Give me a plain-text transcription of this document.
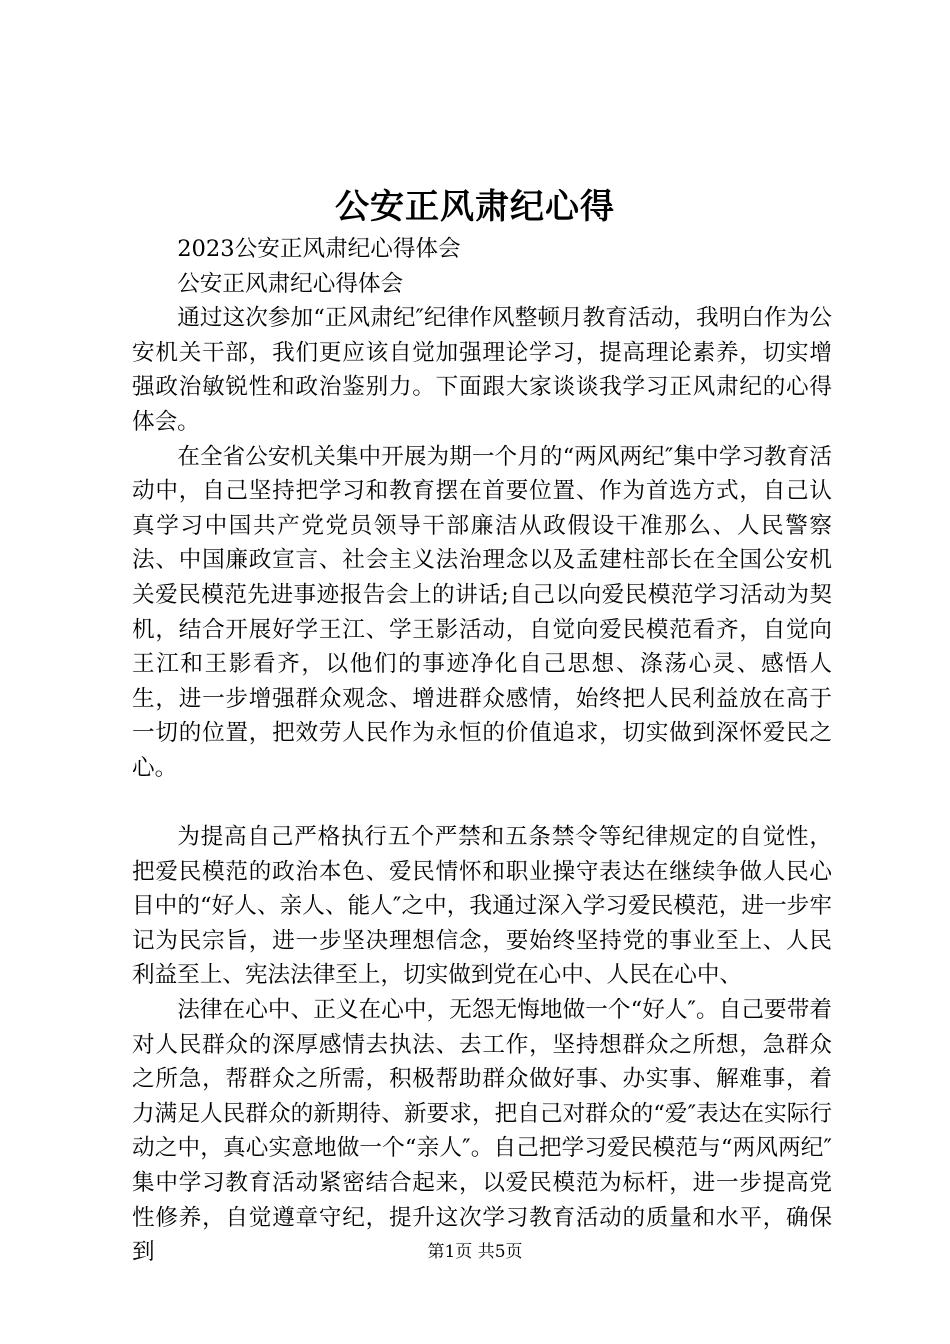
公安正风肃纪心得

2023公安正风肃纪心得体会

公安正风肃纪心得体会

通过这次参加“正风肃纪″纪律作风整顿月教育活动，我明白作为公安机关干部，我们更应该自觉加强理论学习，提高理论素养，切实增强政治敏锐性和政治鉴别力。下面跟大家谈谈我学习正风肃纪的心得体会。

在全省公安机关集中开展为期一个月的“两风两纪″集中学习教育活动中，自己坚持把学习和教育摆在首要位置、作为首选方式，自己认真学习中国共产党党员领导干部廉洁从政假设干准那么、人民警察法、中国廉政宣言、社会主义法治理念以及孟建柱部长在全国公安机关爱民模范先进事迹报告会上的讲话;自己以向爱民模范学习活动为契机，结合开展好学王江、学王影活动，自觉向爱民模范看齐，自觉向王江和王影看齐，以他们的事迹净化自己思想、涤荡心灵、感悟人生，进一步增强群众观念、增进群众感情，始终把人民利益放在高于一切的位置，把效劳人民作为永恒的价值追求，切实做到深怀爱民之心。

为提高自己严格执行五个严禁和五条禁令等纪律规定的自觉性，把爱民模范的政治本色、爱民情怀和职业操守表达在继续争做人民心目中的“好人、亲人、能人″之中，我通过深入学习爱民模范，进一步牢记为民宗旨，进一步坚决理想信念，要始终坚持党的事业至上、人民利益至上、宪法法律至上，切实做到党在心中、人民在心中、

法律在心中、正义在心中，无怨无悔地做一个“好人″。自己要带着对人民群众的深厚感情去执法、去工作，坚持想群众之所想，急群众之所急，帮群众之所需，积极帮助群众做好事、办实事、解难事，着力满足人民群众的新期待、新要求，把自己对群众的“爱″表达在实际行动之中，真心实意地做一个“亲人″。自己把学习爱民模范与“两风两纪″集中学习教育活动紧密结合起来，以爱民模范为标杆，进一步提高党性修养，自觉遵章守纪，提升这次学习教育活动的质量和水平，确保到	第1页 共5页
